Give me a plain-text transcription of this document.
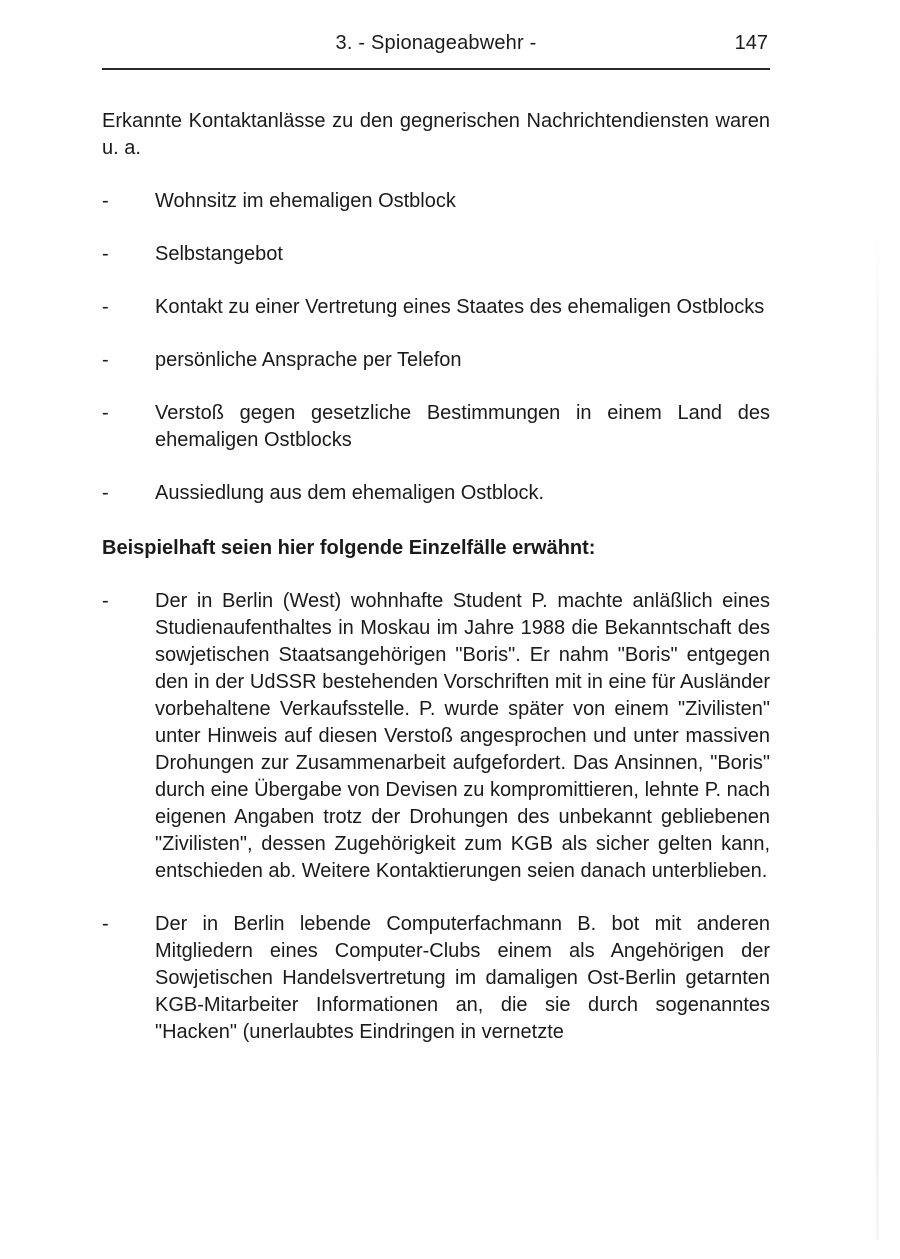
3. - Spionageabwehr -	147

Erkannte Kontaktanlässe zu den gegnerischen Nachrichtendiensten waren u. a.

- Wohnsitz im ehemaligen Ostblock
- Selbstangebot
- Kontakt zu einer Vertretung eines Staates des ehemaligen Ostblocks
- persönliche Ansprache per Telefon
- Verstoß gegen gesetzliche Bestimmungen in einem Land des ehemaligen Ostblocks
- Aussiedlung aus dem ehemaligen Ostblock.

Beispielhaft seien hier folgende Einzelfälle erwähnt:

- Der in Berlin (West) wohnhafte Student P. machte anläßlich eines Studienaufenthaltes in Moskau im Jahre 1988 die Bekanntschaft des sowjetischen Staatsangehörigen "Boris". Er nahm "Boris" entgegen den in der UdSSR bestehenden Vorschriften mit in eine für Ausländer vorbehaltene Verkaufsstelle. P. wurde später von einem "Zivilisten" unter Hinweis auf diesen Verstoß angesprochen und unter massiven Drohungen zur Zusammenarbeit aufgefordert. Das Ansinnen, "Boris" durch eine Übergabe von Devisen zu kompromittieren, lehnte P. nach eigenen Angaben trotz der Drohungen des unbekannt gebliebenen "Zivilisten", dessen Zugehörigkeit zum KGB als sicher gelten kann, entschieden ab. Weitere Kontaktierungen seien danach unterblieben.
- Der in Berlin lebende Computerfachmann B. bot mit anderen Mitgliedern eines Computer-Clubs einem als Angehörigen der Sowjetischen Handelsvertretung im damaligen Ost-Berlin getarnten KGB-Mitarbeiter Informationen an, die sie durch sogenanntes "Hacken" (unerlaubtes Eindringen in vernetzte
